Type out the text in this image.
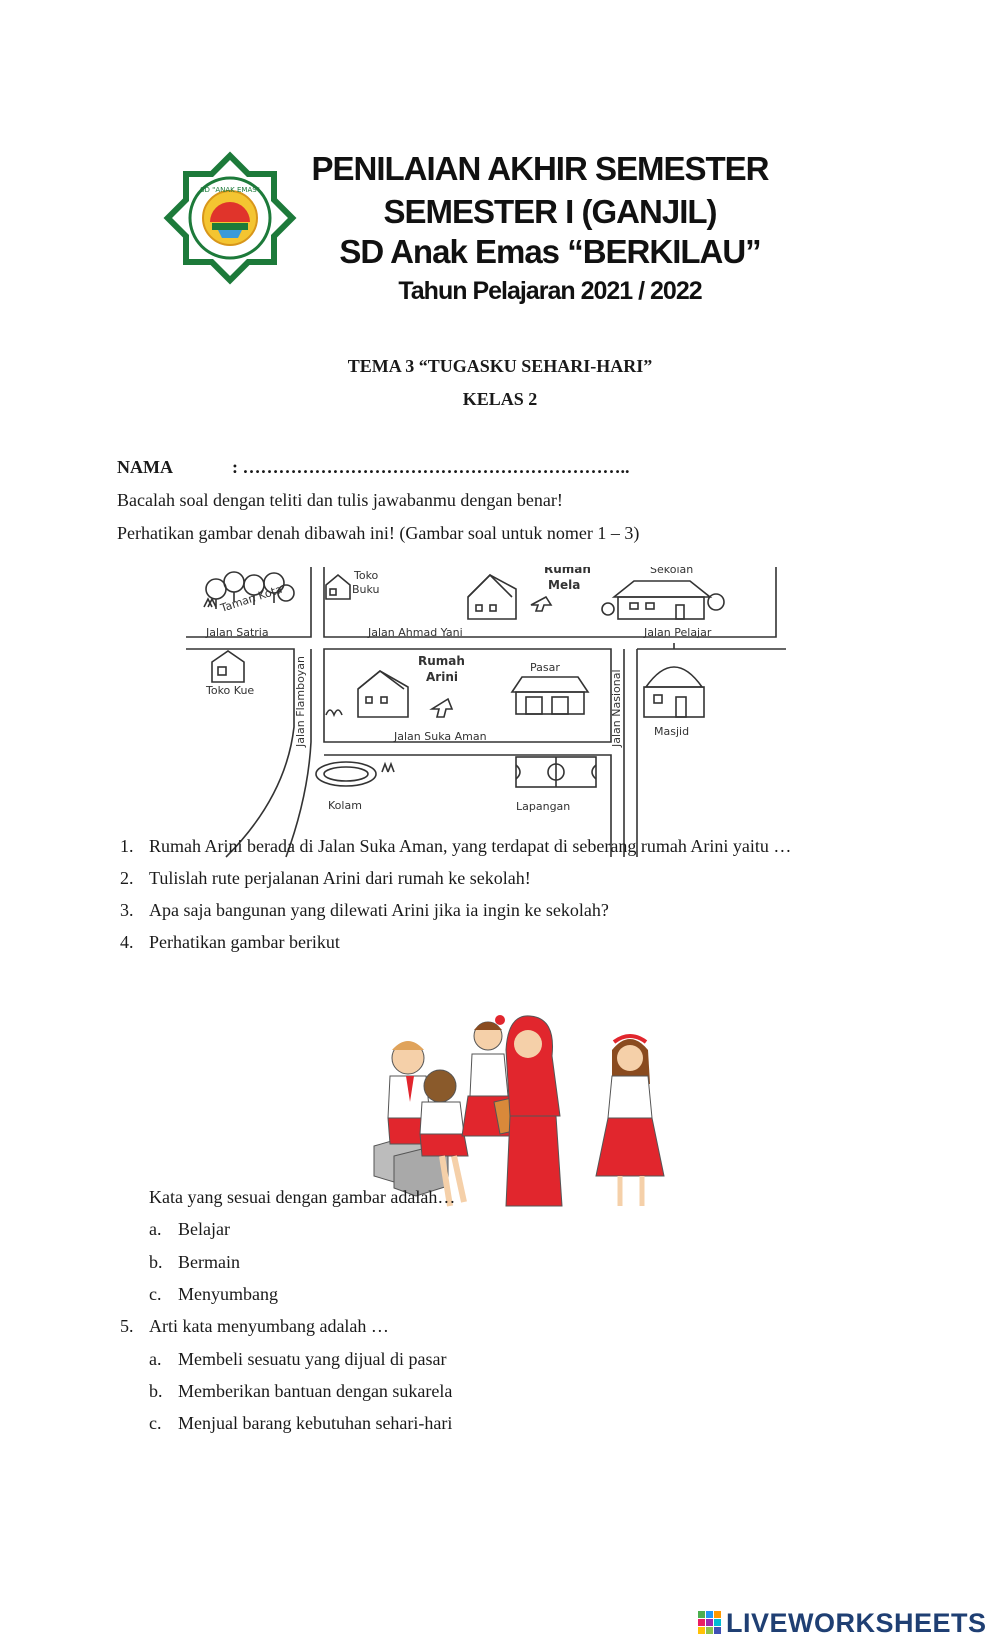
SD "ANAK EMAS"
PENILAIAN AKHIR SEMESTER
SEMESTER I (GANJIL)
SD Anak Emas “BERKILAU”
Tahun Pelajaran 2021 / 2022
TEMA 3 “TUGASKU SEHARI-HARI”
KELAS 2
NAMA	: ………………………………………………………..
Bacalah soal dengan teliti dan tulis jawabanmu dengan benar!
Perhatikan gambar denah dibawah ini! (Gambar soal untuk nomer 1 – 3)
Taman Kota
Toko
Buku
Rumah
Mela
Sekolah
Jalan Satria	Jalan Ahmad Yani	Jalan Pelajar
Toko Kue	Jalan Flamboyan	Rumah
Arini
Pasar
Jalan Nasional	Masjid
Jalan Suka Aman
Kolam	Lapangan
1. Rumah Arini berada di Jalan Suka Aman, yang terdapat di seberang rumah Arini yaitu …
2. Tulislah rute perjalanan Arini dari rumah ke sekolah!
3. Apa saja bangunan yang dilewati Arini jika ia ingin ke sekolah?
4. Perhatikan gambar berikut
Kata yang sesuai dengan gambar adalah…
a. Belajar
b. Bermain
c. Menyumbang
5. Arti kata menyumbang adalah …
a. Membeli sesuatu yang dijual di pasar
b. Memberikan bantuan dengan sukarela
c. Menjual barang kebutuhan sehari-hari
LIVEWORKSHEETS
